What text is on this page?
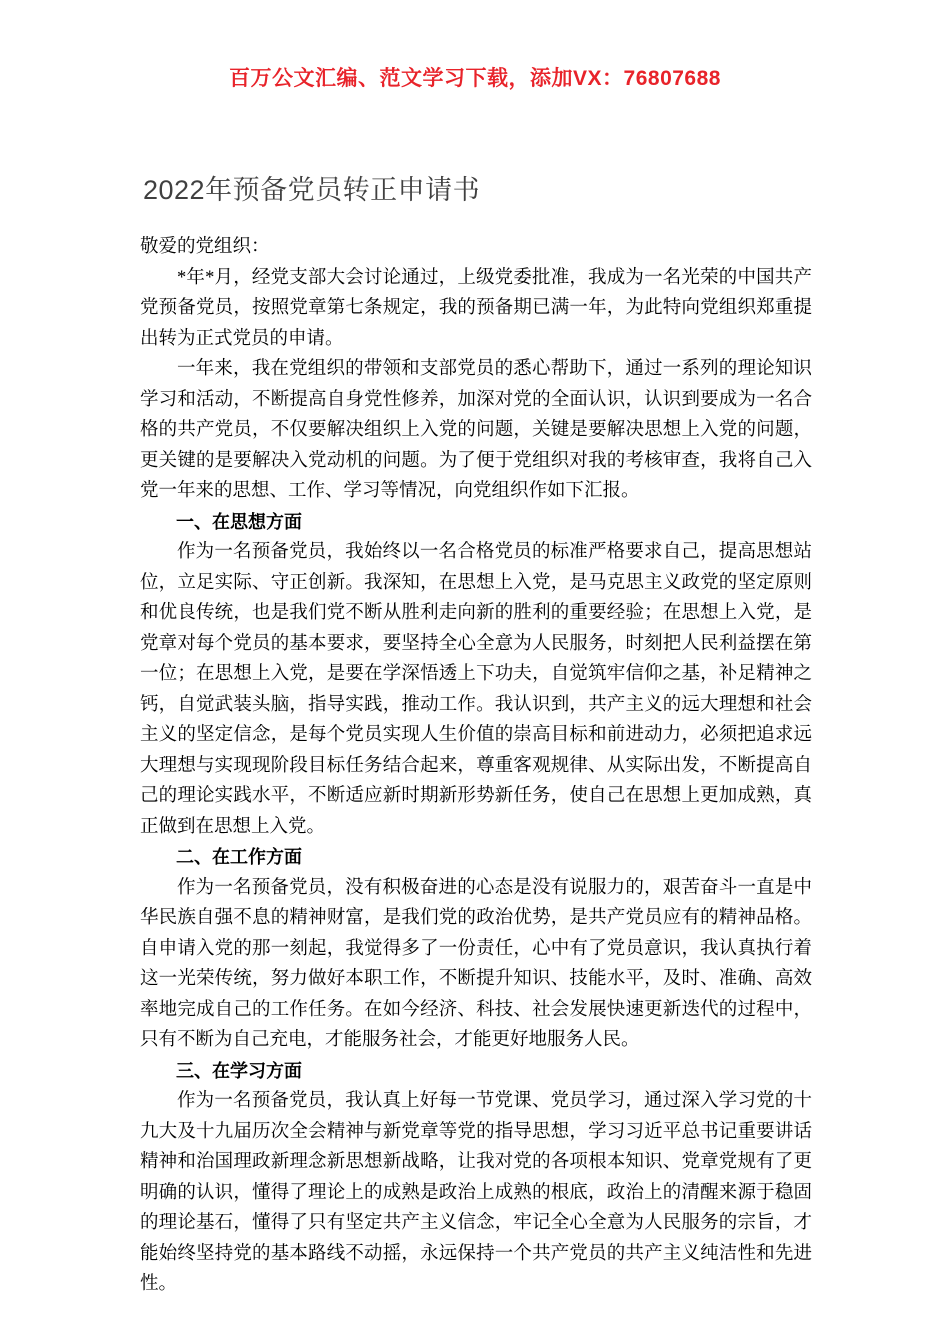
百万公文汇编、范文学习下载，添加VX：76807688
2022年预备党员转正申请书

敬爱的党组织：

*年*月，经党支部大会讨论通过，上级党委批准，我成为一名光荣的中国共产党预备党员，按照党章第七条规定，我的预备期已满一年，为此特向党组织郑重提出转为正式党员的申请。

一年来，我在党组织的带领和支部党员的悉心帮助下，通过一系列的理论知识学习和活动，不断提高自身党性修养，加深对党的全面认识，认识到要成为一名合格的共产党员，不仅要解决组织上入党的问题，关键是要解决思想上入党的问题，更关键的是要解决入党动机的问题。为了便于党组织对我的考核审查，我将自己入党一年来的思想、工作、学习等情况，向党组织作如下汇报。

一、在思想方面

作为一名预备党员，我始终以一名合格党员的标准严格要求自己，提高思想站位，立足实际、守正创新。我深知，在思想上入党，是马克思主义政党的坚定原则和优良传统，也是我们党不断从胜利走向新的胜利的重要经验；在思想上入党，是党章对每个党员的基本要求，要坚持全心全意为人民服务，时刻把人民利益摆在第一位；在思想上入党，是要在学深悟透上下功夫，自觉筑牢信仰之基，补足精神之钙，自觉武装头脑，指导实践，推动工作。我认识到，共产主义的远大理想和社会主义的坚定信念，是每个党员实现人生价值的崇高目标和前进动力，必须把追求远大理想与实现现阶段目标任务结合起来，尊重客观规律、从实际出发，不断提高自己的理论实践水平，不断适应新时期新形势新任务，使自己在思想上更加成熟，真正做到在思想上入党。

二、在工作方面

作为一名预备党员，没有积极奋进的心态是没有说服力的，艰苦奋斗一直是中华民族自强不息的精神财富，是我们党的政治优势，是共产党员应有的精神品格。自申请入党的那一刻起，我觉得多了一份责任，心中有了党员意识，我认真执行着这一光荣传统，努力做好本职工作，不断提升知识、技能水平，及时、准确、高效率地完成自己的工作任务。在如今经济、科技、社会发展快速更新迭代的过程中，只有不断为自己充电，才能服务社会，才能更好地服务人民。

三、在学习方面

作为一名预备党员，我认真上好每一节党课、党员学习，通过深入学习党的十九大及十九届历次全会精神与新党章等党的指导思想，学习习近平总书记重要讲话精神和治国理政新理念新思想新战略，让我对党的各项根本知识、党章党规有了更明确的认识，懂得了理论上的成熟是政治上成熟的根底，政治上的清醒来源于稳固的理论基石，懂得了只有坚定共产主义信念，牢记全心全意为人民服务的宗旨，才能始终坚持党的基本路线不动摇，永远保持一个共产党员的共产主义纯洁性和先进性。
